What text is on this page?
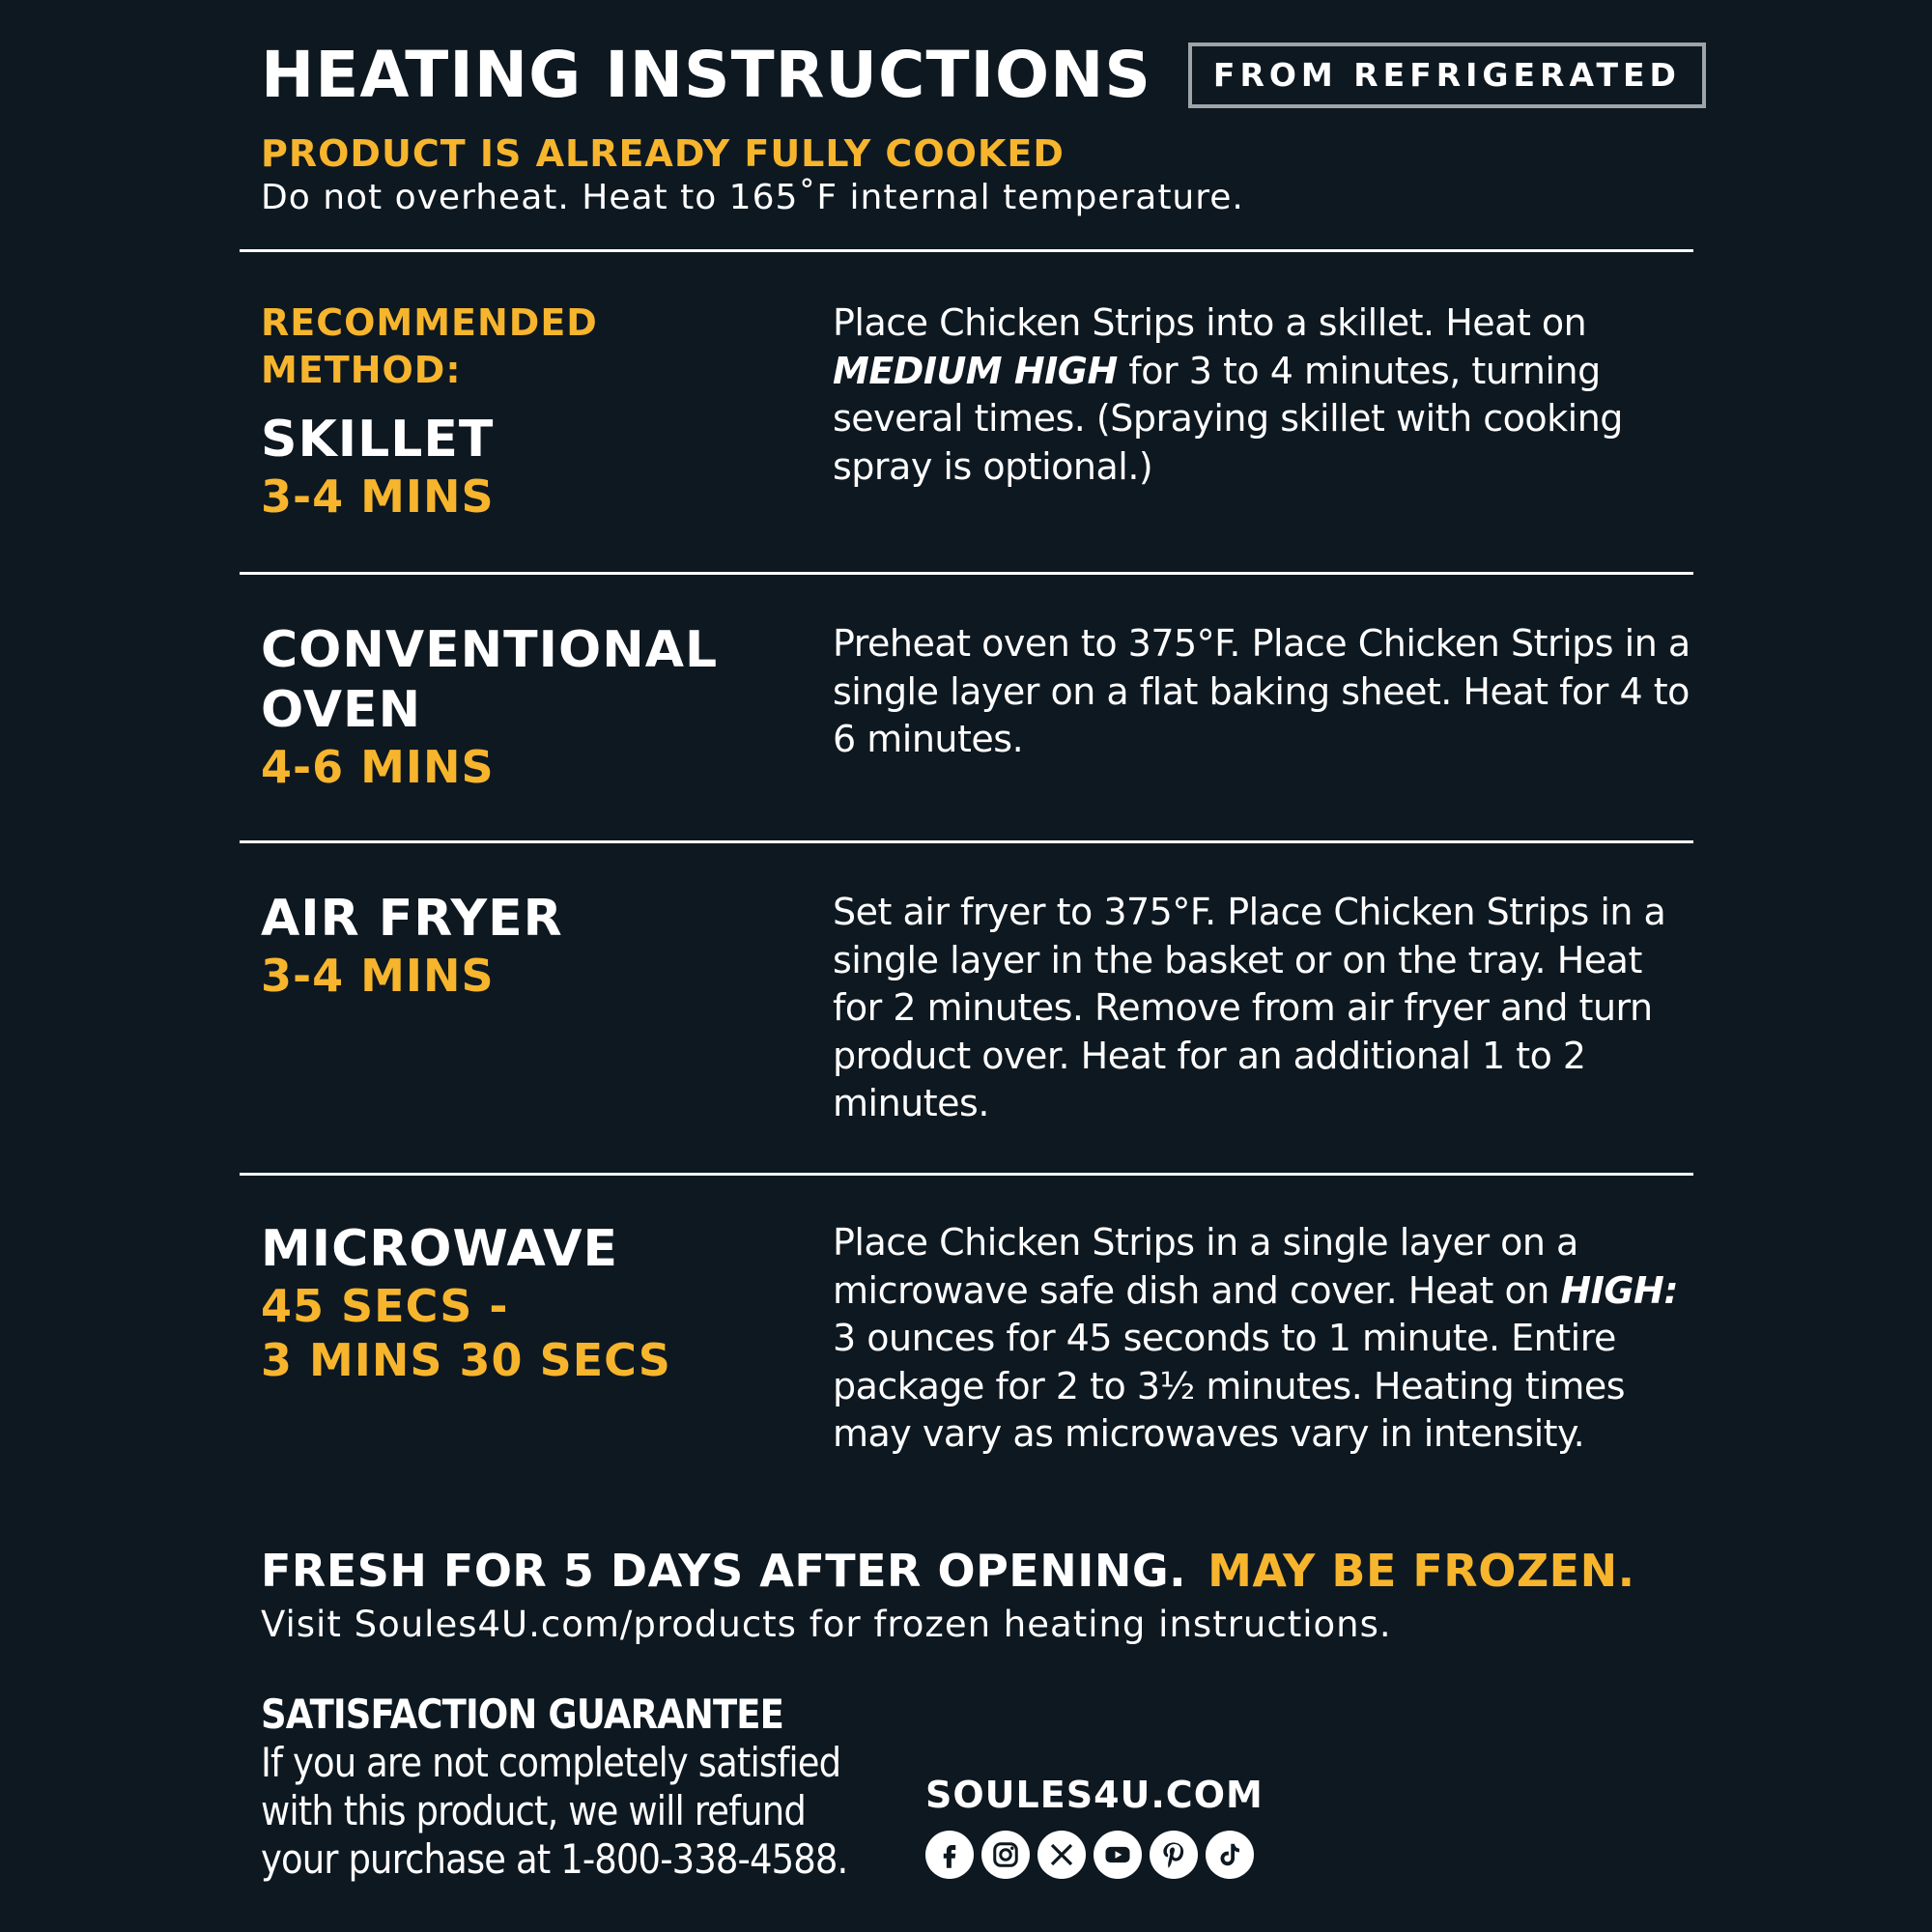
HEATING INSTRUCTIONS	FROM REFRIGERATED
PRODUCT IS ALREADY FULLY COOKED
Do not overheat. Heat to 165˚F internal temperature.
RECOMMENDED
METHOD:
SKILLET
3-4 MINS
Place Chicken Strips into a skillet. Heat on MEDIUM HIGH for 3 to 4 minutes, turning several times. (Spraying skillet with cooking spray is optional.)
CONVENTIONAL
OVEN
4-6 MINS
Preheat oven to 375°F. Place Chicken Strips in a single layer on a flat baking sheet. Heat for 4 to 6 minutes.
AIR FRYER
3-4 MINS
Set air fryer to 375°F. Place Chicken Strips in a single layer in the basket or on the tray. Heat for 2 minutes. Remove from air fryer and turn product over. Heat for an additional 1 to 2 minutes.
MICROWAVE
45 SECS -
3 MINS 30 SECS
Place Chicken Strips in a single layer on a microwave safe dish and cover. Heat on HIGH: 3 ounces for 45 seconds to 1 minute. Entire package for 2 to 3½ minutes. Heating times may vary as microwaves vary in intensity.
FRESH FOR 5 DAYS AFTER OPENING. MAY BE FROZEN.
Visit Soules4U.com/products for frozen heating instructions.
SATISFACTION GUARANTEE
If you are not completely satisfied with this product, we will refund your purchase at 1-800-338-4588.
SOULES4U.COM
